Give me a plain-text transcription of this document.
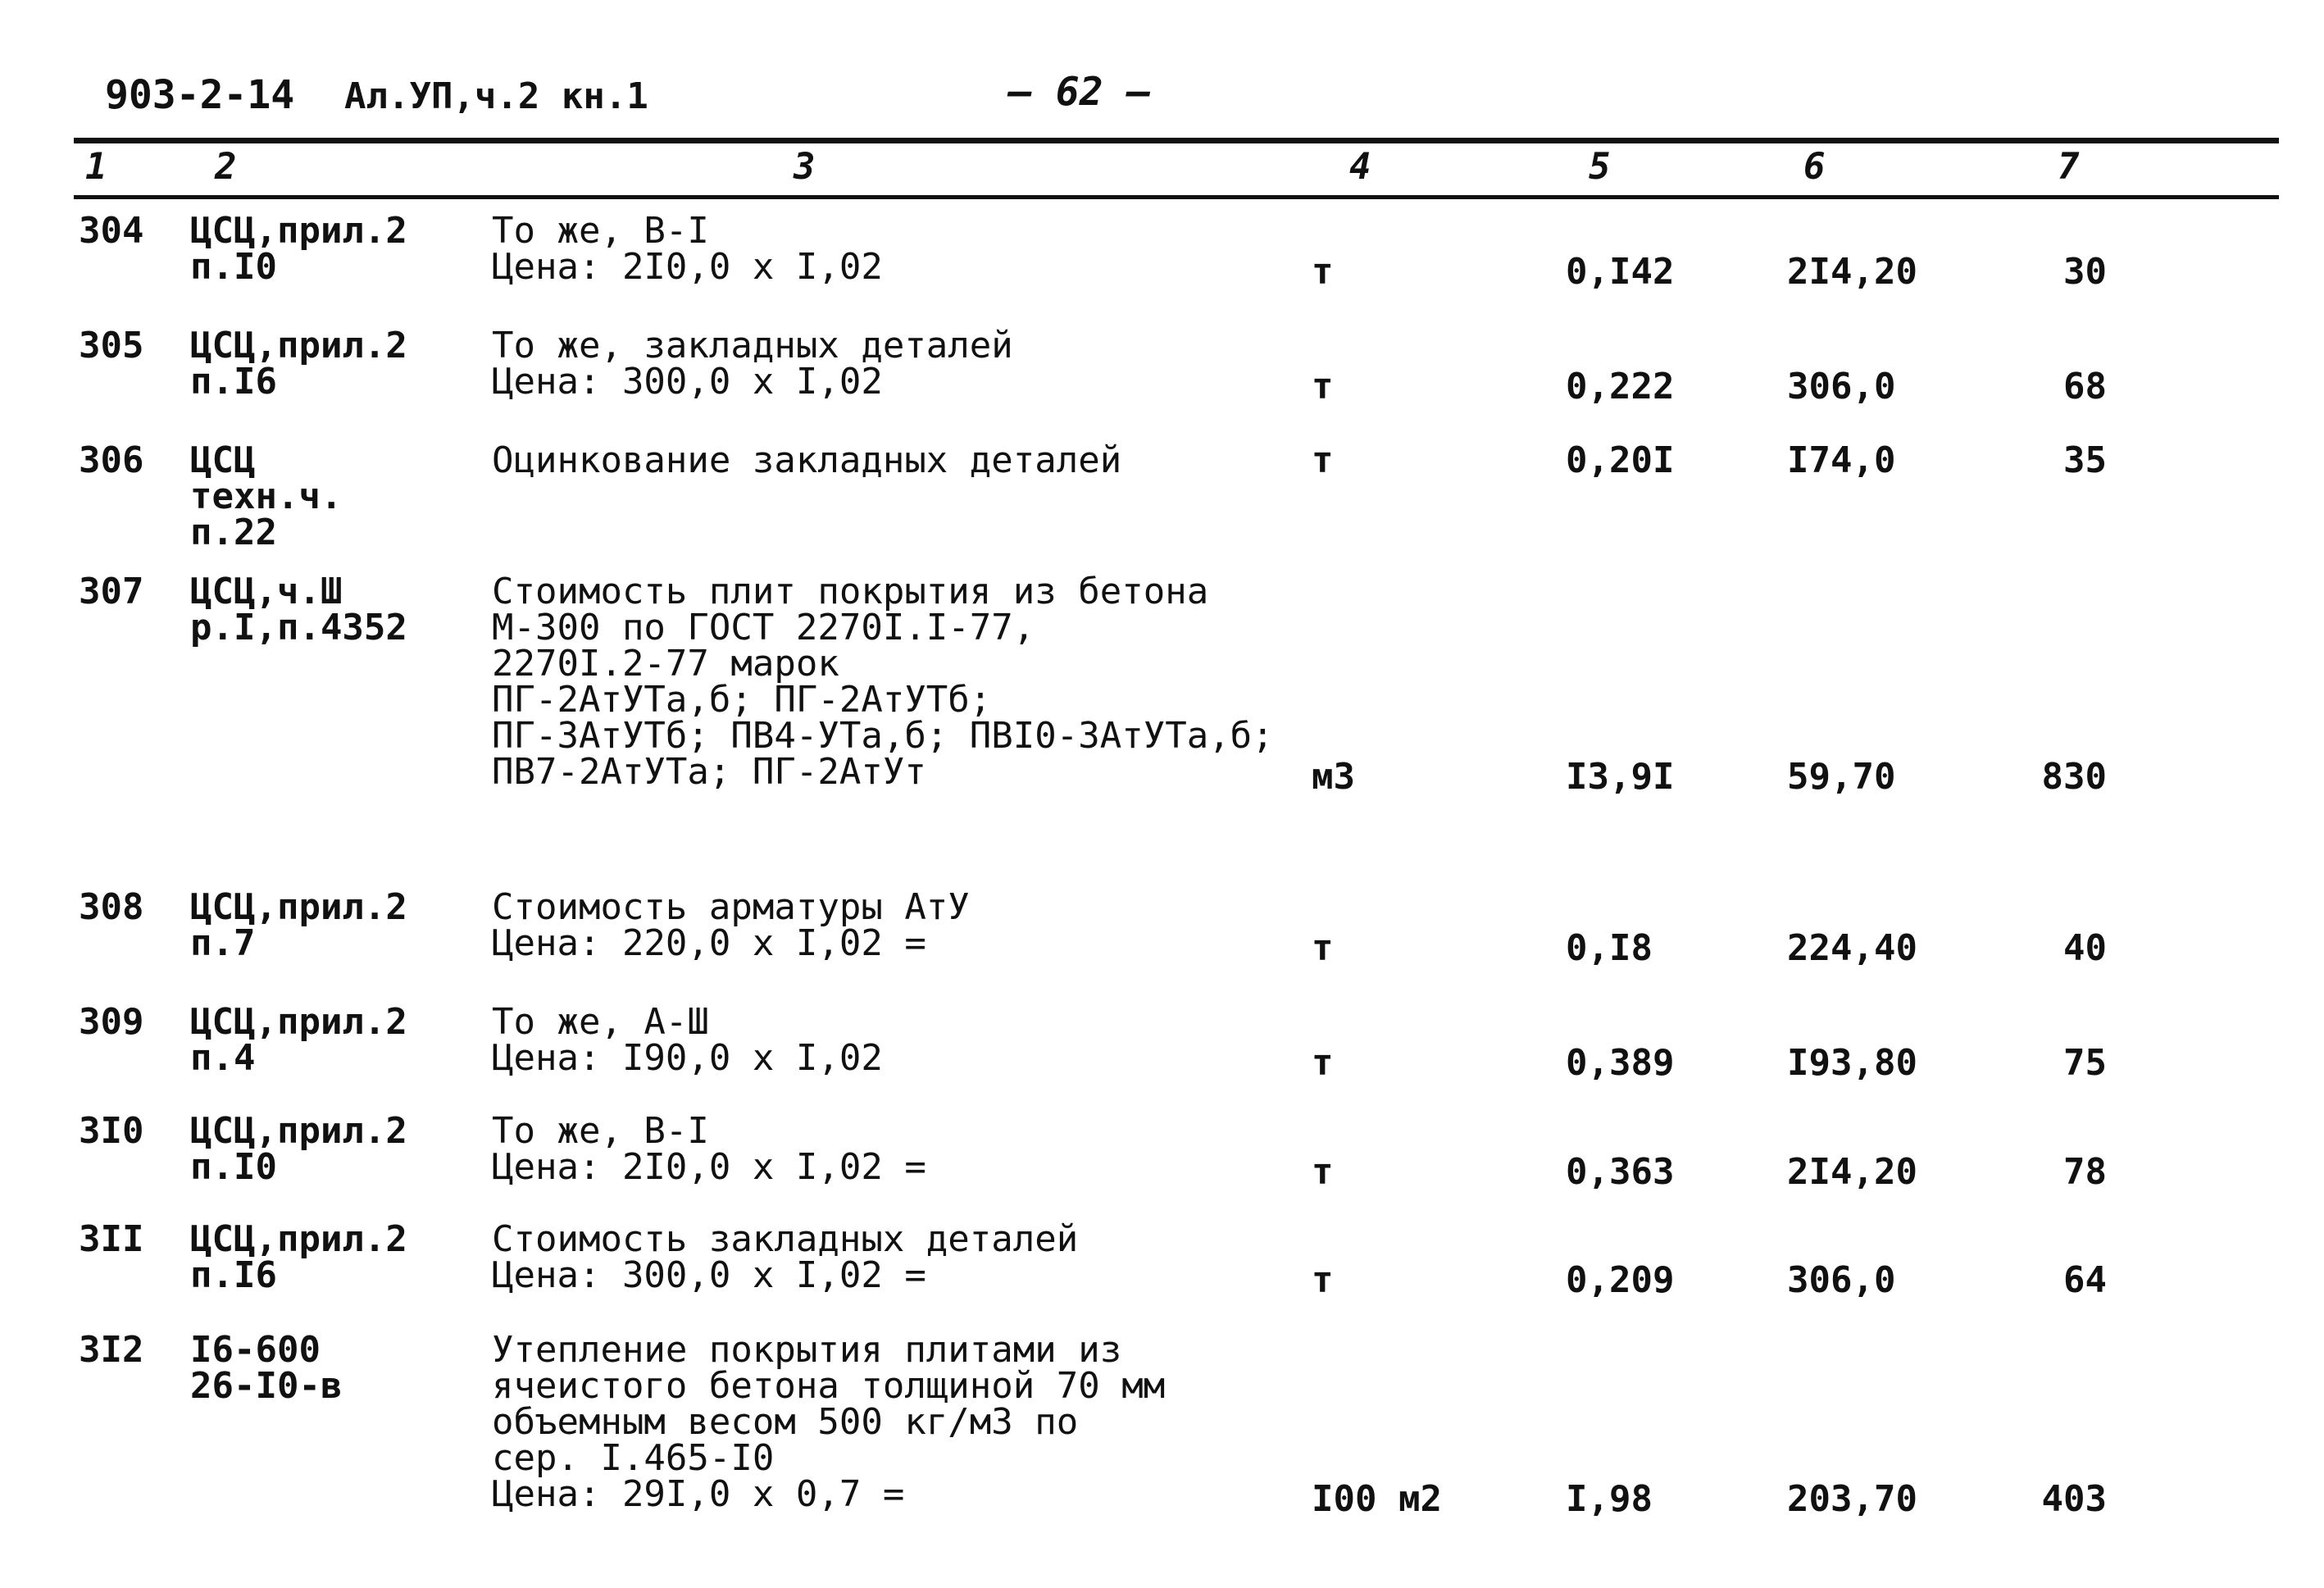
903-2-14 Ал.УП,ч.2 кн.1	— 62 —
1	2	3	4	5	6	7
304 ЦСЦ,прил.2
п.I0
То же, В-I
Цена: 2I0,0 х I,02	т	0,I42	2I4,20	30
305 ЦСЦ,прил.2
п.I6
То же, закладных деталей
Цена: 300,0 х I,02	т	0,222	306,0	68
306 ЦСЦ
техн.ч.
п.22
Оцинкование закладных деталей	т	0,20I	I74,0	35
307 ЦСЦ,ч.Ш
р.I,п.4352
Стоимость плит покрытия из бетона
М-300 по ГОСТ 2270I.I-77,
2270I.2-77 марок
ПГ-2АтУТа,б; ПГ-2АтУТб;
ПГ-3АтУТб; ПВ4-УТа,б; ПВI0-3АтУТа,б;
ПВ7-2АтУТа; ПГ-2АтУт	м3	I3,9I	59,70	830
308 ЦСЦ,прил.2
п.7
Стоимость арматуры АтУ
Цена: 220,0 х I,02 =	т	0,I8	224,40	40
309 ЦСЦ,прил.2
п.4
То же, А-Ш
Цена: I90,0 х I,02	т	0,389	I93,80	75
3I0 ЦСЦ,прил.2
п.I0
То же, В-I
Цена: 2I0,0 х I,02 =	т	0,363	2I4,20	78
3II ЦСЦ,прил.2
п.I6
Стоимость закладных деталей
Цена: 300,0 х I,02 =	т	0,209	306,0	64
3I2 I6-600
26-I0-в
Утепление покрытия плитами из
ячеистого бетона толщиной 70 мм
объемным весом 500 кг/м3 по
сер. I.465-I0
Цена: 29I,0 х 0,7 =	I00 м2	I,98	203,70	403
